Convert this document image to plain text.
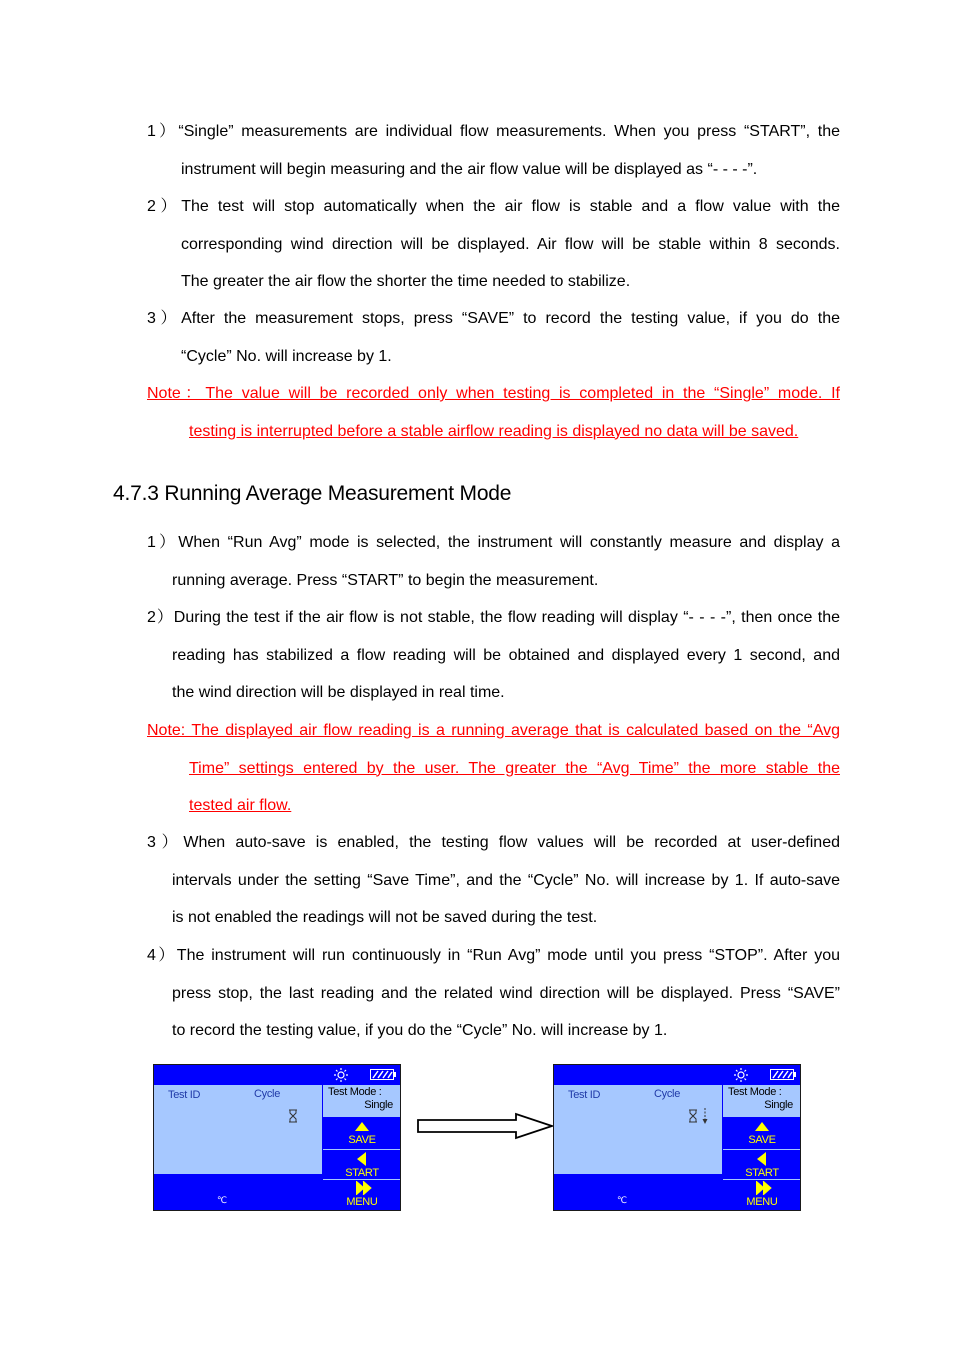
1）“Single” measurements are individual flow measurements. When you press “START”, the
instrument will begin measuring and the air flow value will be displayed as “- - - -”.
2）The test will stop automatically when the air flow is stable and a flow value with the
corresponding wind direction will be displayed. Air flow will be stable within 8 seconds.
The greater the air flow the shorter the time needed to stabilize.
3）After the measurement stops, press “SAVE” to record the testing value, if you do the
“Cycle” No. will increase by 1.
Note：The value will be recorded only when testing is completed in the “Single” mode. If
testing is interrupted before a stable airflow reading is displayed no data will be saved.
4.7.3 Running Average Measurement Mode
1）When “Run Avg” mode is selected, the instrument will constantly measure and display a
running average. Press “START” to begin the measurement.
2）During the test if the air flow is not stable, the flow reading will display “- - - -”, then once the
reading has stabilized a flow reading will be obtained and displayed every 1 second, and
the wind direction will be displayed in real time.
Note: The displayed air flow reading is a running average that is calculated based on the “Avg
Time” settings entered by the user. The greater the “Avg Time” the more stable the
tested air flow.
3）When auto-save is enabled, the testing flow values will be recorded at user-defined
intervals under the setting “Save Time”, and the “Cycle” No. will increase by 1. If auto-save
is not enabled the readings will not be saved during the test.
4）The instrument will run continuously in “Run Avg” mode until you press “STOP”. After you
press stop, the last reading and the related wind direction will be displayed. Press “SAVE”
to record the testing value, if you do the “Cycle” No. will increase by 1.
Test ID	Cycle
℃
SAVE
START
MENU
Test Mode :
Single
Test ID	Cycle
℃
SAVE
START
MENU
Test Mode :
Single
